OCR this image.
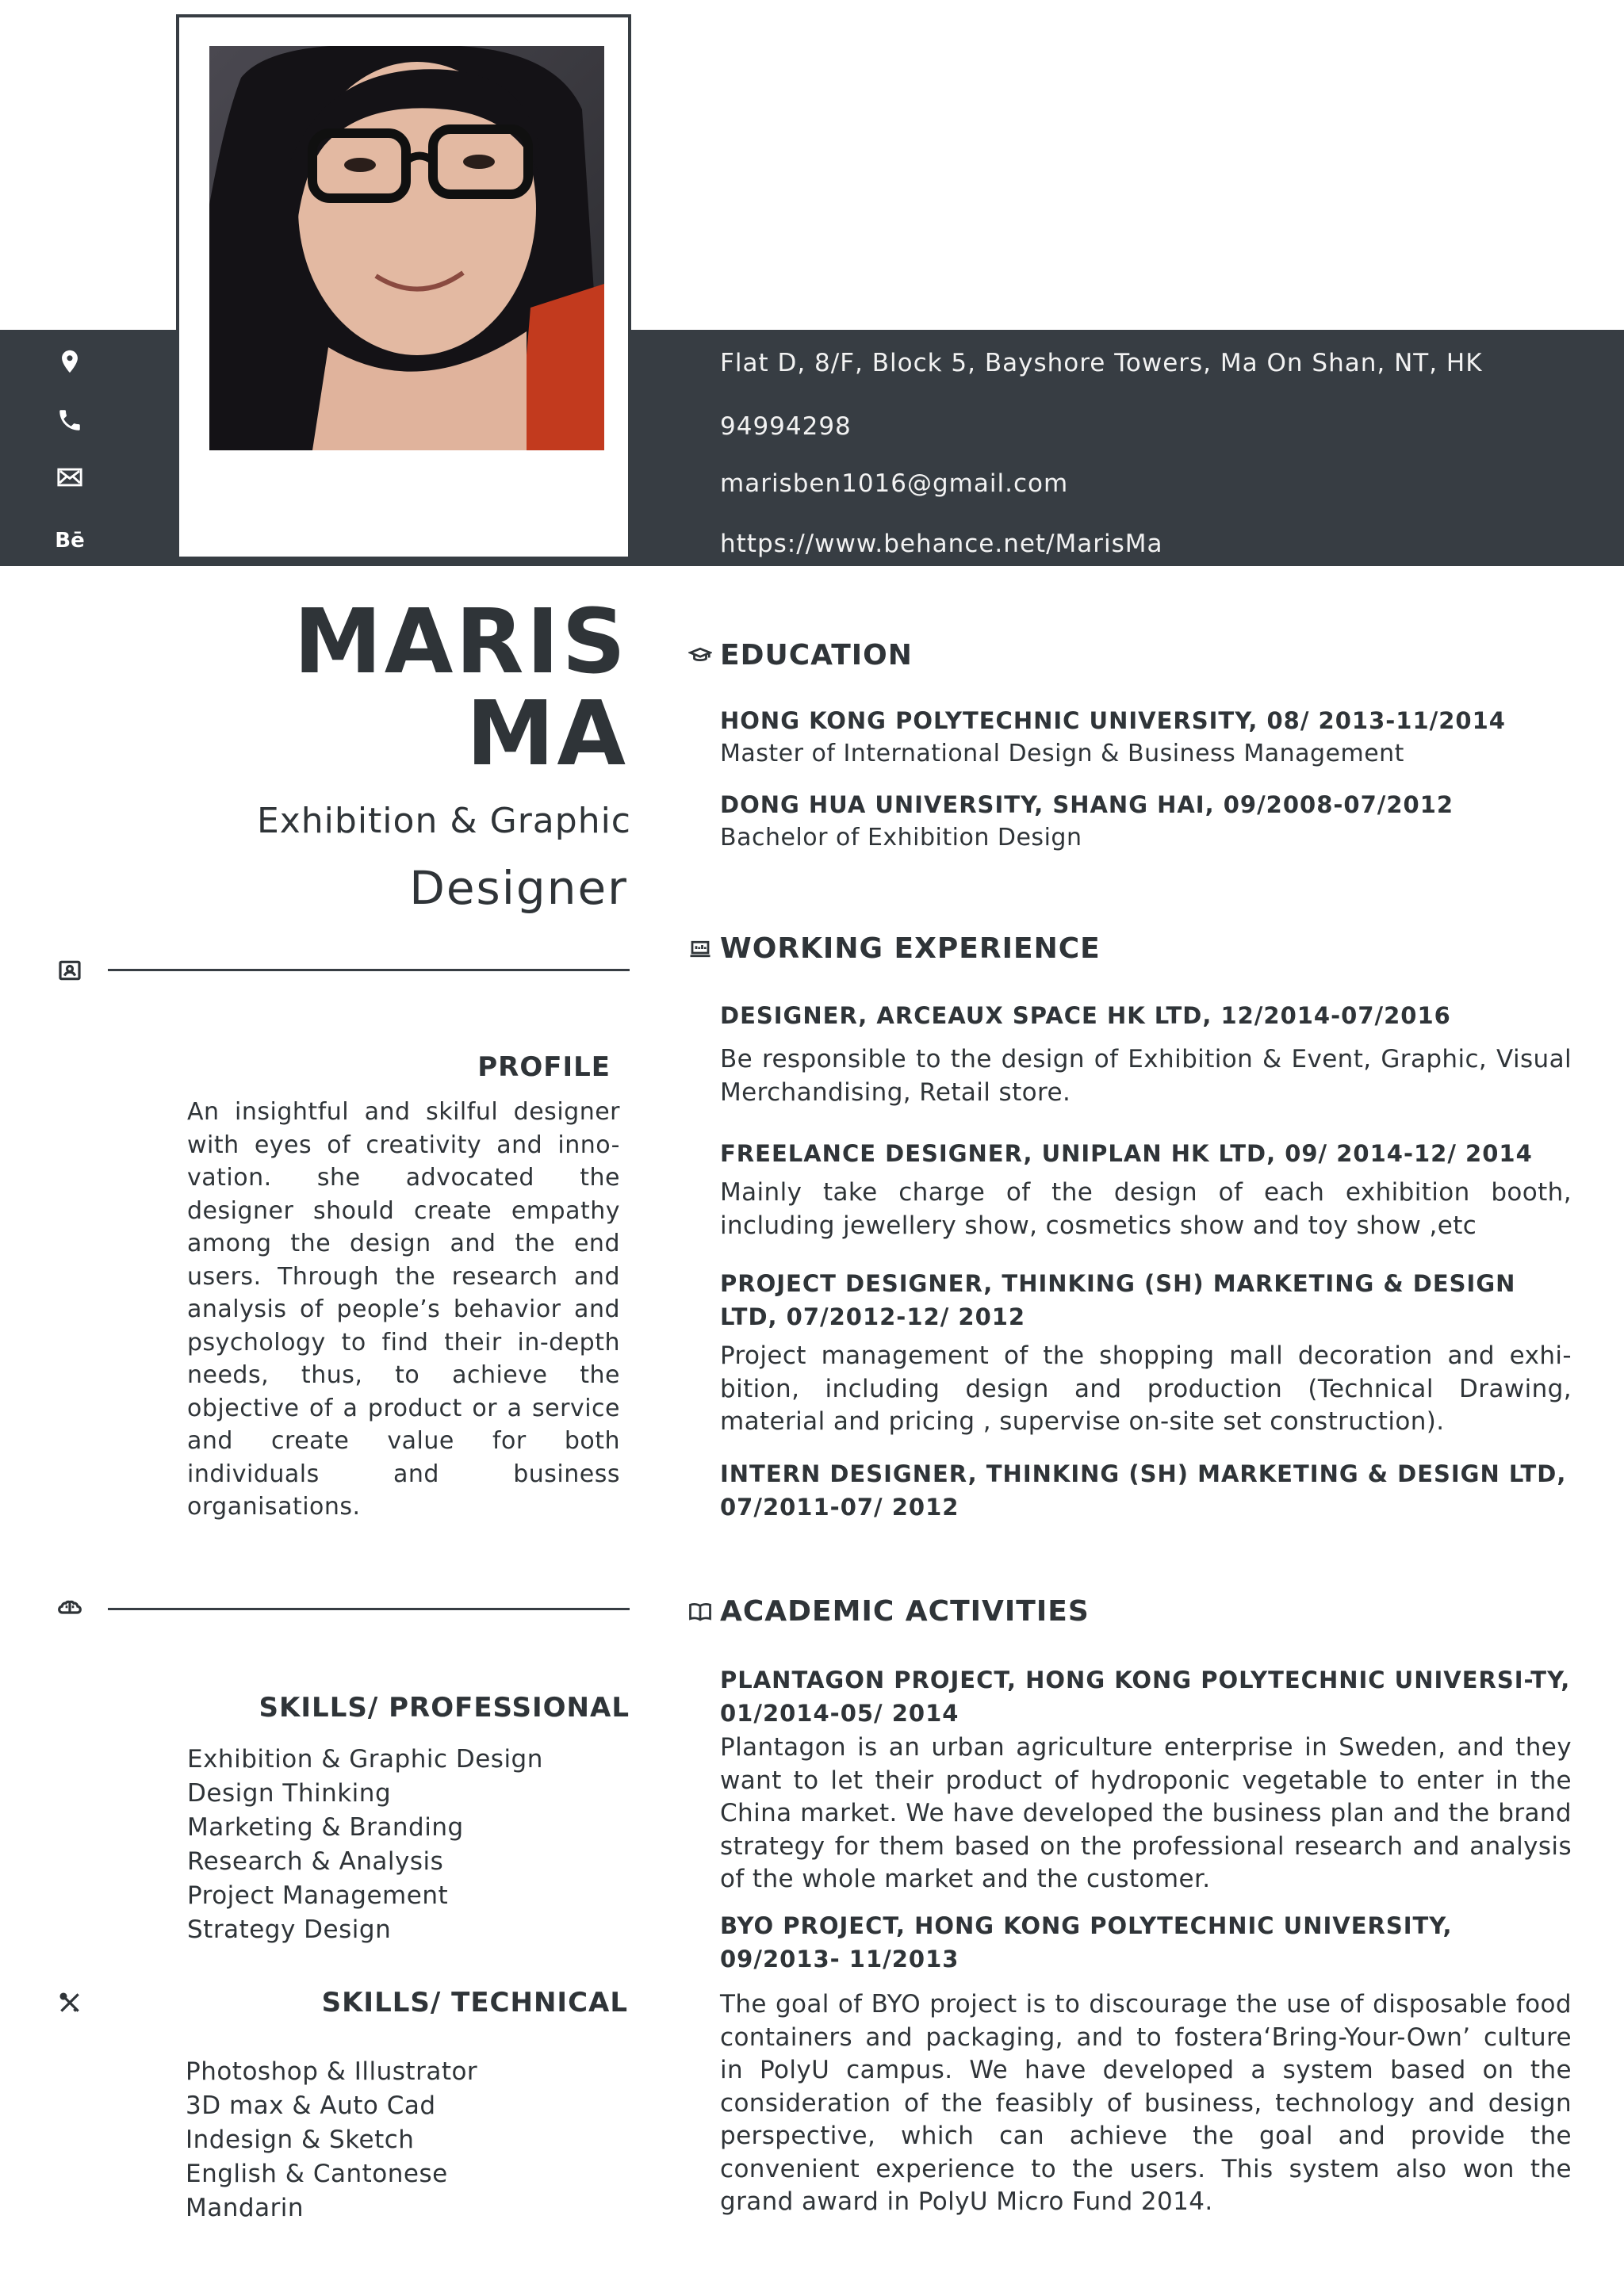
Bē
Flat D, 8/F, Block 5, Bayshore Towers, Ma On Shan, NT, HK
94994298
marisben1016@gmail.com
https://www.behance.net/MarisMa
MARIS
MA
Exhibition & Graphic
Designer
PROFILE
An insightful and skilful designer with eyes of creativity and inno-vation. she advocated the designer should create empathy among the design and the end users. Through the research and analysis of people’s behavior and psychology to find their in-depth needs, thus, to achieve the objective of a product or a service and create value for both individuals and business organisations.
SKILLS/ PROFESSIONAL
Exhibition & Graphic Design
Design Thinking
Marketing & Branding
Research & Analysis
Project Management
Strategy Design
SKILLS/ TECHNICAL
Photoshop & Illustrator
3D max & Auto Cad
Indesign & Sketch
English & Cantonese
Mandarin
EDUCATION
HONG KONG POLYTECHNIC UNIVERSITY, 08/ 2013-11/2014
Master of International Design & Business Management
DONG HUA UNIVERSITY, SHANG HAI, 09/2008-07/2012
Bachelor of Exhibition Design
WORKING EXPERIENCE
DESIGNER, ARCEAUX SPACE HK LTD, 12/2014-07/2016
Be responsible to the design of Exhibition & Event, Graphic, Visual Merchandising, Retail store.
FREELANCE DESIGNER, UNIPLAN HK LTD, 09/ 2014-12/ 2014
Mainly take charge of the design of each exhibition booth, including jewellery show, cosmetics show and toy show ,etc
PROJECT DESIGNER, THINKING (SH) MARKETING & DESIGN LTD, 07/2012-12/ 2012
Project management of the shopping mall decoration and exhi-bition, including design and production (Technical Drawing, material and pricing , supervise on-site set construction).
INTERN DESIGNER, THINKING (SH) MARKETING & DESIGN LTD, 07/2011-07/ 2012
ACADEMIC ACTIVITIES
PLANTAGON PROJECT, HONG KONG POLYTECHNIC UNIVERSI-TY, 01/2014-05/ 2014
Plantagon is an urban agriculture enterprise in Sweden, and they want to let their product of hydroponic vegetable to enter in the China market. We have developed the business plan and the brand strategy for them based on the professional research and analysis of the whole market and the customer.
BYO PROJECT, HONG KONG POLYTECHNIC UNIVERSITY, 09/2013- 11/2013
The goal of BYO project is to discourage the use of disposable food containers and packaging, and to fostera‘Bring-Your-Own’ culture in PolyU campus. We have developed a system based on the consideration of the feasibly of business, technology and design perspective, which can achieve the goal and provide the convenient experience to the users. This system also won the grand award in PolyU Micro Fund 2014.
